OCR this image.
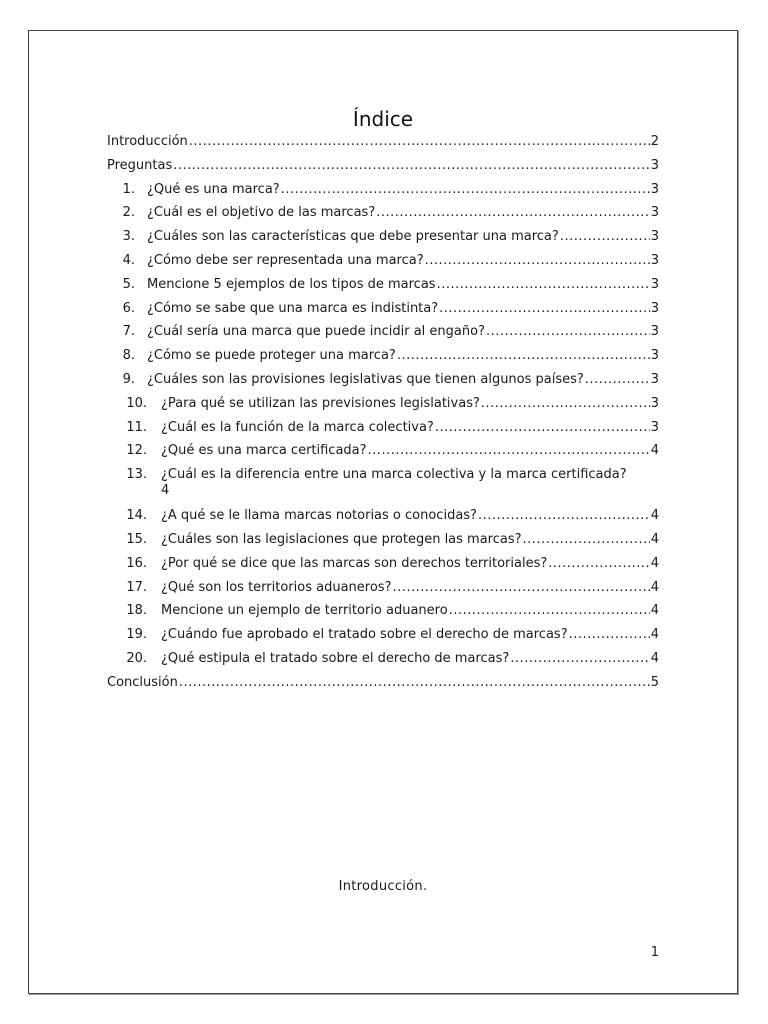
Índice
Introducción .....	2
Preguntas .....	3
1. ¿Qué es una marca? .....	3
2. ¿Cuál es el objetivo de las marcas? .....	3
3. ¿Cuáles son las características que debe presentar una marca? .....	3
4. ¿Cómo debe ser representada una marca? .....	3
5. Mencione 5 ejemplos de los tipos de marcas .....	3
6. ¿Cómo se sabe que una marca es indistinta? .....	3
7. ¿Cuál sería una marca que puede incidir al engaño? .....	3
8. ¿Cómo se puede proteger una marca? .....	3
9. ¿Cuáles son las provisiones legislativas que tienen algunos países? .....	3
10.	¿Para qué se utilizan las previsiones legislativas? .....	3
11.	¿Cuál es la función de la marca colectiva? .....	3
12.	¿Qué es una marca certificada? .....	4
13.	¿Cuál es la diferencia entre una marca colectiva y la marca certificada?
4
14.	¿A qué se le llama marcas notorias o conocidas? .....	4
15.	¿Cuáles son las legislaciones que protegen las marcas? .....	4
16.	¿Por qué se dice que las marcas son derechos territoriales? .....	4
17.	¿Qué son los territorios aduaneros? .....	4
18.	Mencione un ejemplo de territorio aduanero .....	4
19.	¿Cuándo fue aprobado el tratado sobre el derecho de marcas? .....	4
20.	¿Qué estipula el tratado sobre el derecho de marcas? .....	4
Conclusión .....	5
Introducción.
1
